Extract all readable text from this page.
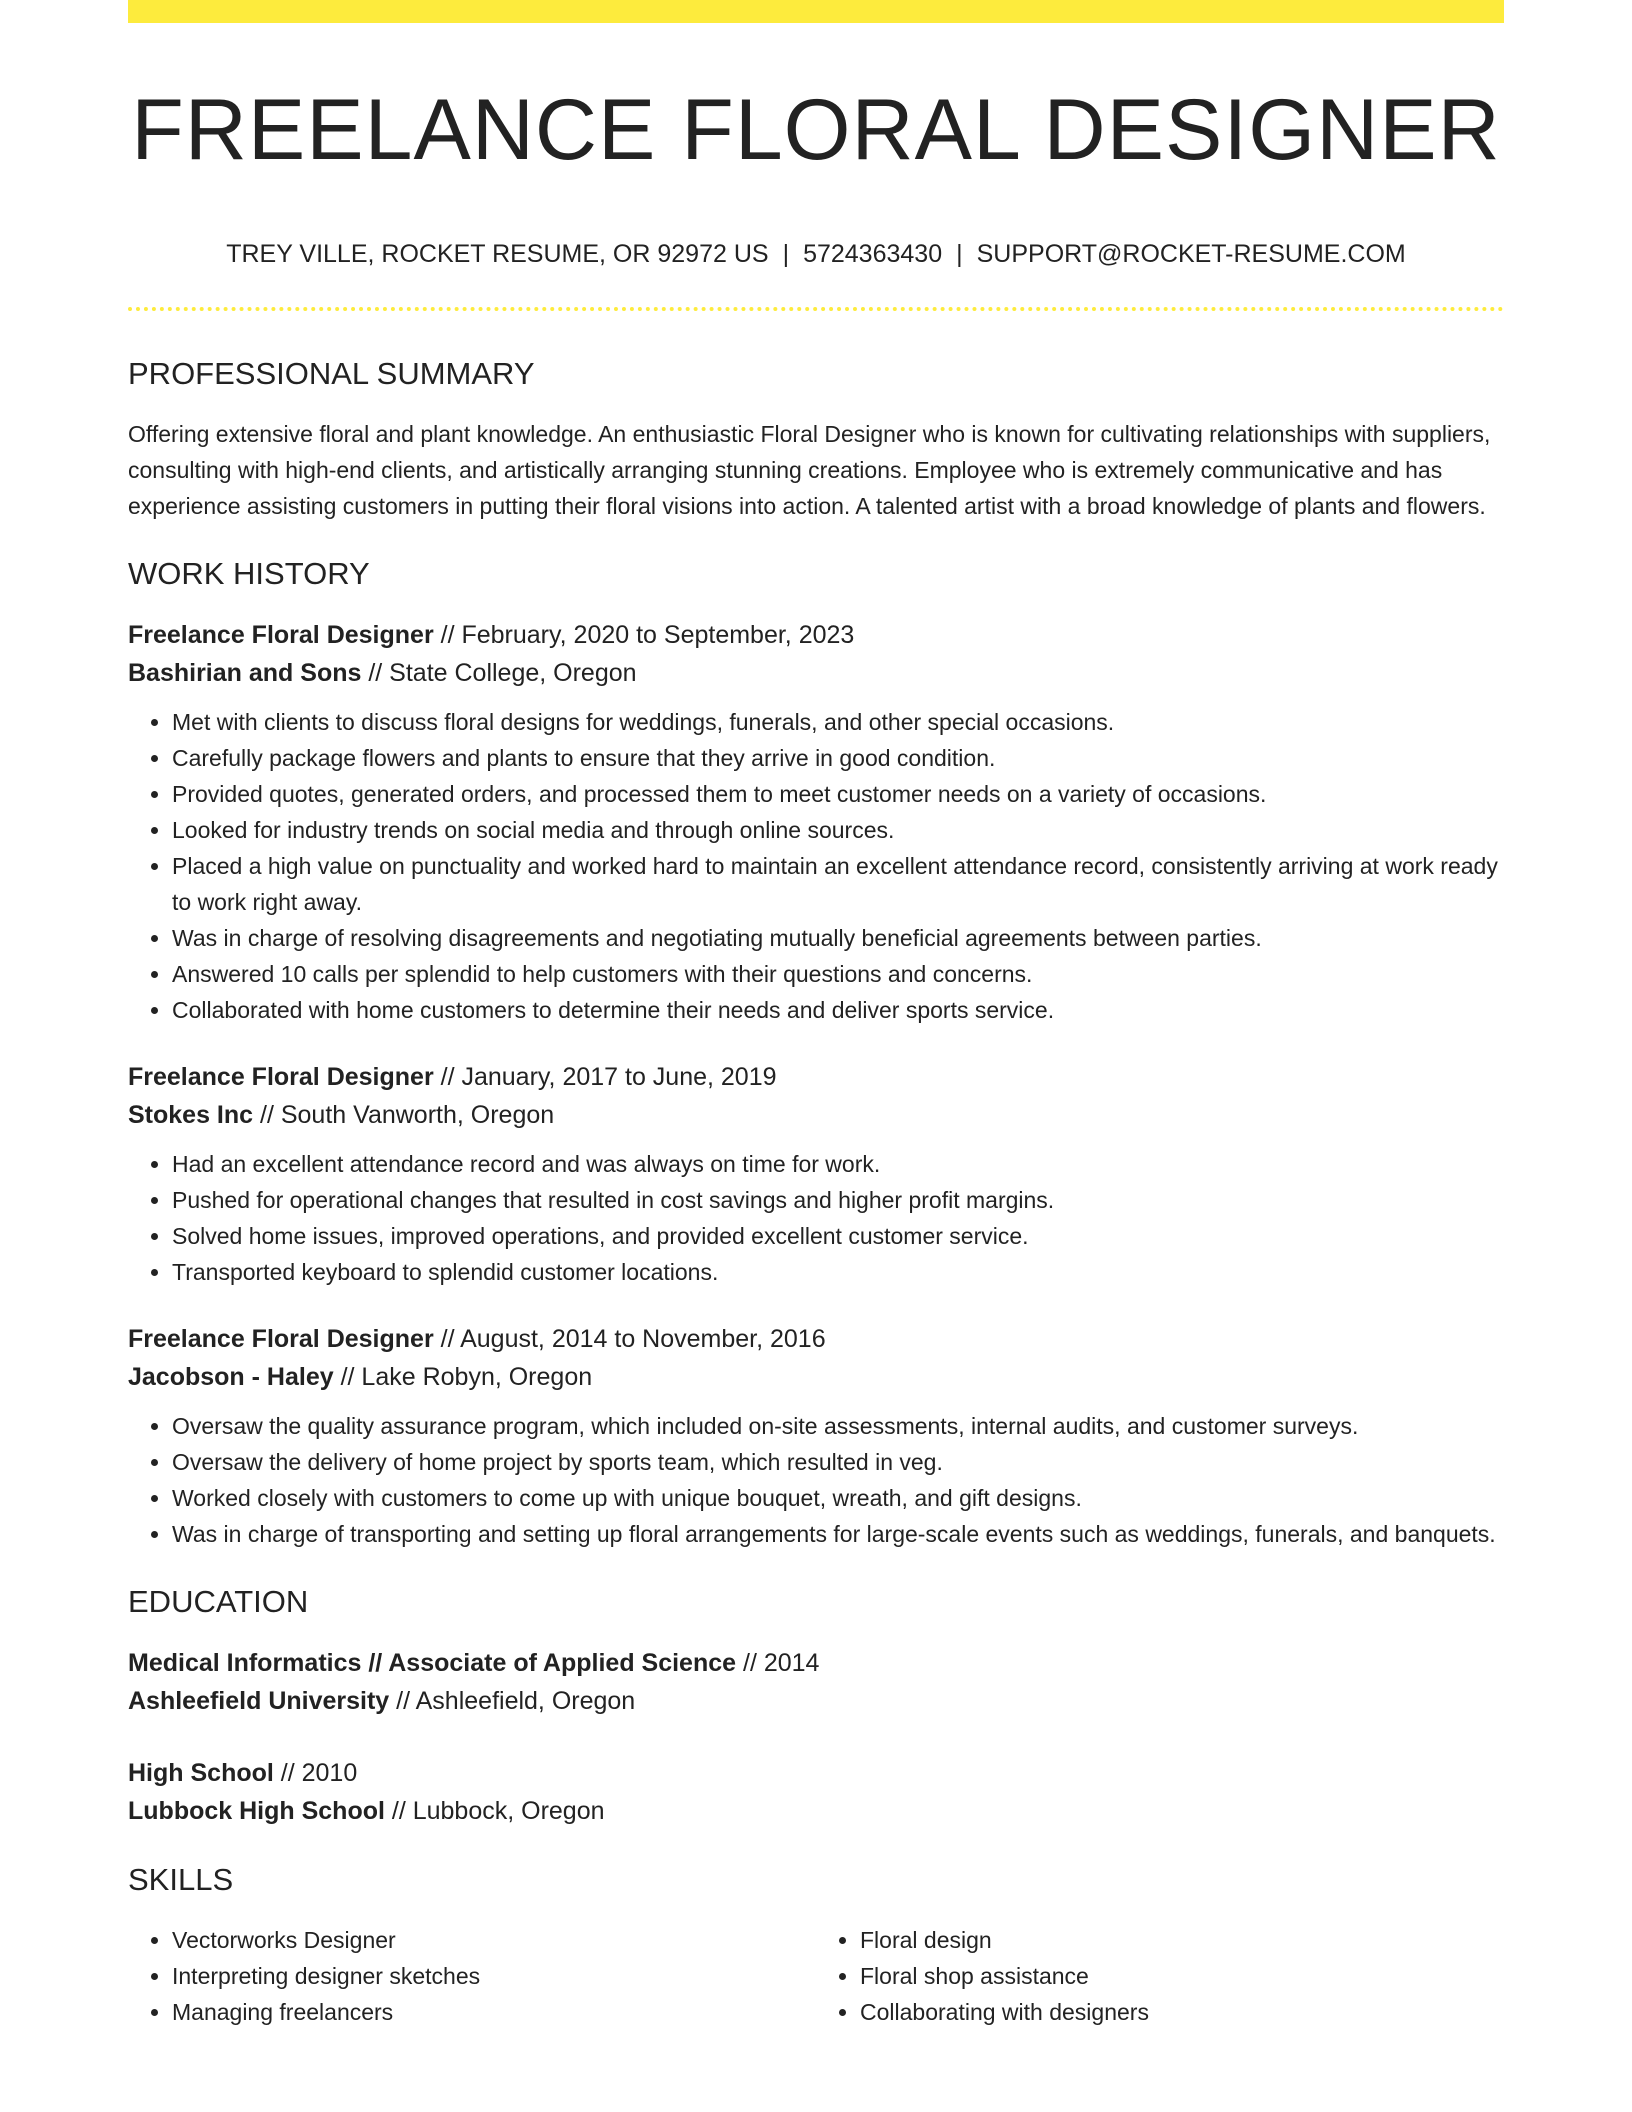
FREELANCE FLORAL DESIGNER
TREY VILLE, ROCKET RESUME, OR 92972 US | 5724363430 | SUPPORT@ROCKET-RESUME.COM
PROFESSIONAL SUMMARY

Offering extensive floral and plant knowledge. An enthusiastic Floral Designer who is known for cultivating relationships with suppliers, consulting with high-end clients, and artistically arranging stunning creations. Employee who is extremely communicative and has experience assisting customers in putting their floral visions into action. A talented artist with a broad knowledge of plants and flowers.

WORK HISTORY
Freelance Floral Designer // February, 2020 to September, 2023
Bashirian and Sons // State College, Oregon
• Met with clients to discuss floral designs for weddings, funerals, and other special occasions.
• Carefully package flowers and plants to ensure that they arrive in good condition.
• Provided quotes, generated orders, and processed them to meet customer needs on a variety of occasions.
• Looked for industry trends on social media and through online sources.
• Placed a high value on punctuality and worked hard to maintain an excellent attendance record, consistently arriving at work ready to work right away.
• Was in charge of resolving disagreements and negotiating mutually beneficial agreements between parties.
• Answered 10 calls per splendid to help customers with their questions and concerns.
• Collaborated with home customers to determine their needs and deliver sports service.
Freelance Floral Designer // January, 2017 to June, 2019
Stokes Inc // South Vanworth, Oregon
• Had an excellent attendance record and was always on time for work.
• Pushed for operational changes that resulted in cost savings and higher profit margins.
• Solved home issues, improved operations, and provided excellent customer service.
• Transported keyboard to splendid customer locations.
Freelance Floral Designer // August, 2014 to November, 2016
Jacobson - Haley // Lake Robyn, Oregon
• Oversaw the quality assurance program, which included on-site assessments, internal audits, and customer surveys.
• Oversaw the delivery of home project by sports team, which resulted in veg.
• Worked closely with customers to come up with unique bouquet, wreath, and gift designs.
• Was in charge of transporting and setting up floral arrangements for large-scale events such as weddings, funerals, and banquets.
EDUCATION
Medical Informatics // Associate of Applied Science // 2014
Ashleefield University // Ashleefield, Oregon
High School // 2010
Lubbock High School // Lubbock, Oregon
SKILLS
• Vectorworks Designer
• Interpreting designer sketches
• Managing freelancers
• Floral design
• Floral shop assistance
• Collaborating with designers
